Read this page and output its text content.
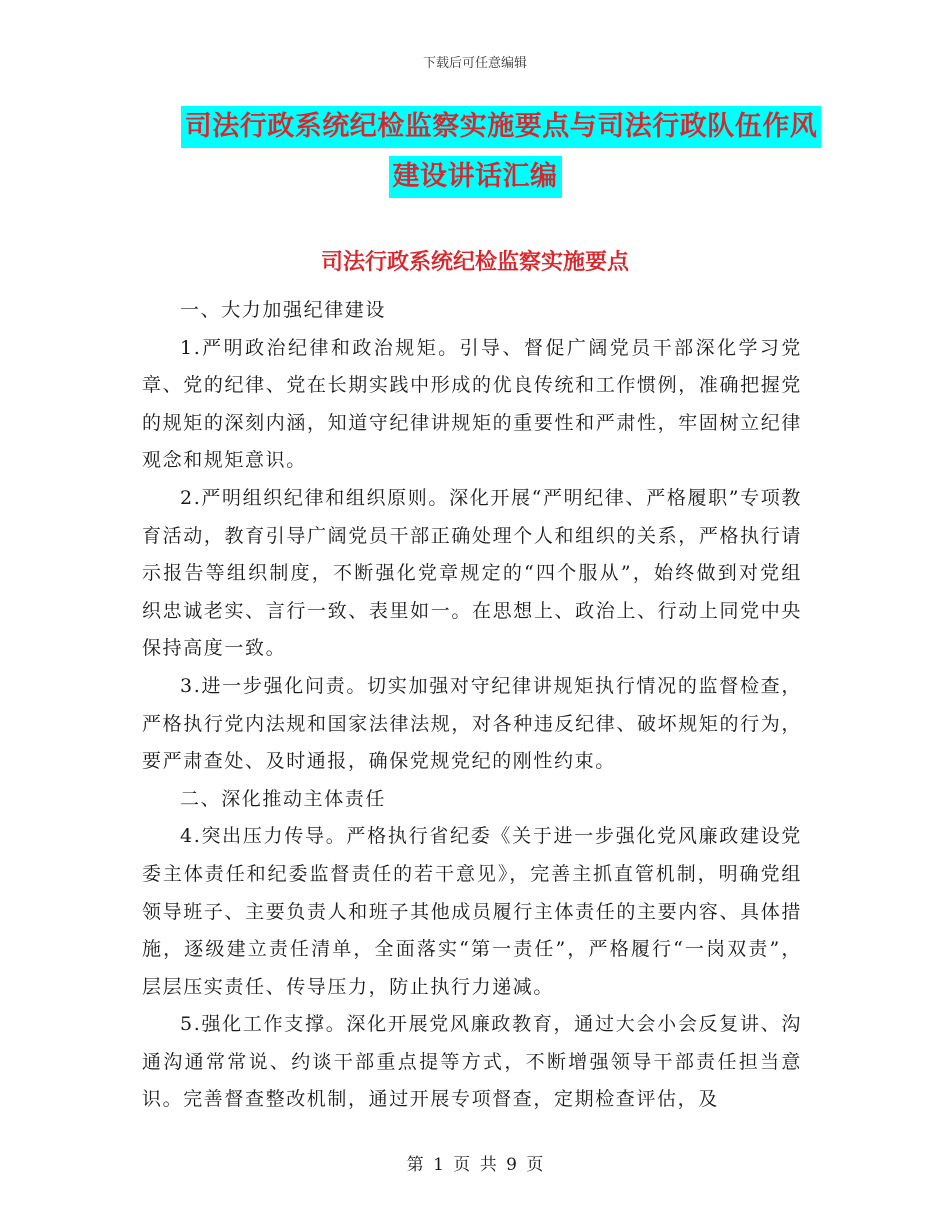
下载后可任意编辑
司法行政系统纪检监察实施要点与司法行政队伍作风
建设讲话汇编
司法行政系统纪检监察实施要点

一、大力加强纪律建设

1.严明政治纪律和政治规矩。引导、督促广阔党员干部深化学习党章、党的纪律、党在长期实践中形成的优良传统和工作惯例，准确把握党的规矩的深刻内涵，知道守纪律讲规矩的重要性和严肃性，牢固树立纪律观念和规矩意识。

2.严明组织纪律和组织原则。深化开展“严明纪律、严格履职”专项教育活动，教育引导广阔党员干部正确处理个人和组织的关系，严格执行请示报告等组织制度，不断强化党章规定的“四个服从”，始终做到对党组织忠诚老实、言行一致、表里如一。在思想上、政治上、行动上同党中央保持高度一致。

3.进一步强化问责。切实加强对守纪律讲规矩执行情况的监督检查，严格执行党内法规和国家法律法规，对各种违反纪律、破坏规矩的行为，要严肃查处、及时通报，确保党规党纪的刚性约束。

二、深化推动主体责任

4.突出压力传导。严格执行省纪委《关于进一步强化党风廉政建设党委主体责任和纪委监督责任的若干意见》，完善主抓直管机制，明确党组领导班子、主要负责人和班子其他成员履行主体责任的主要内容、具体措施，逐级建立责任清单，全面落实“第一责任”，严格履行“一岗双责”，层层压实责任、传导压力，防止执行力递减。

5.强化工作支撑。深化开展党风廉政教育，通过大会小会反复讲、沟通沟通常常说、约谈干部重点提等方式，不断增强领导干部责任担当意识。完善督查整改机制，通过开展专项督查，定期检查评估，及

第 1 页 共 9 页
